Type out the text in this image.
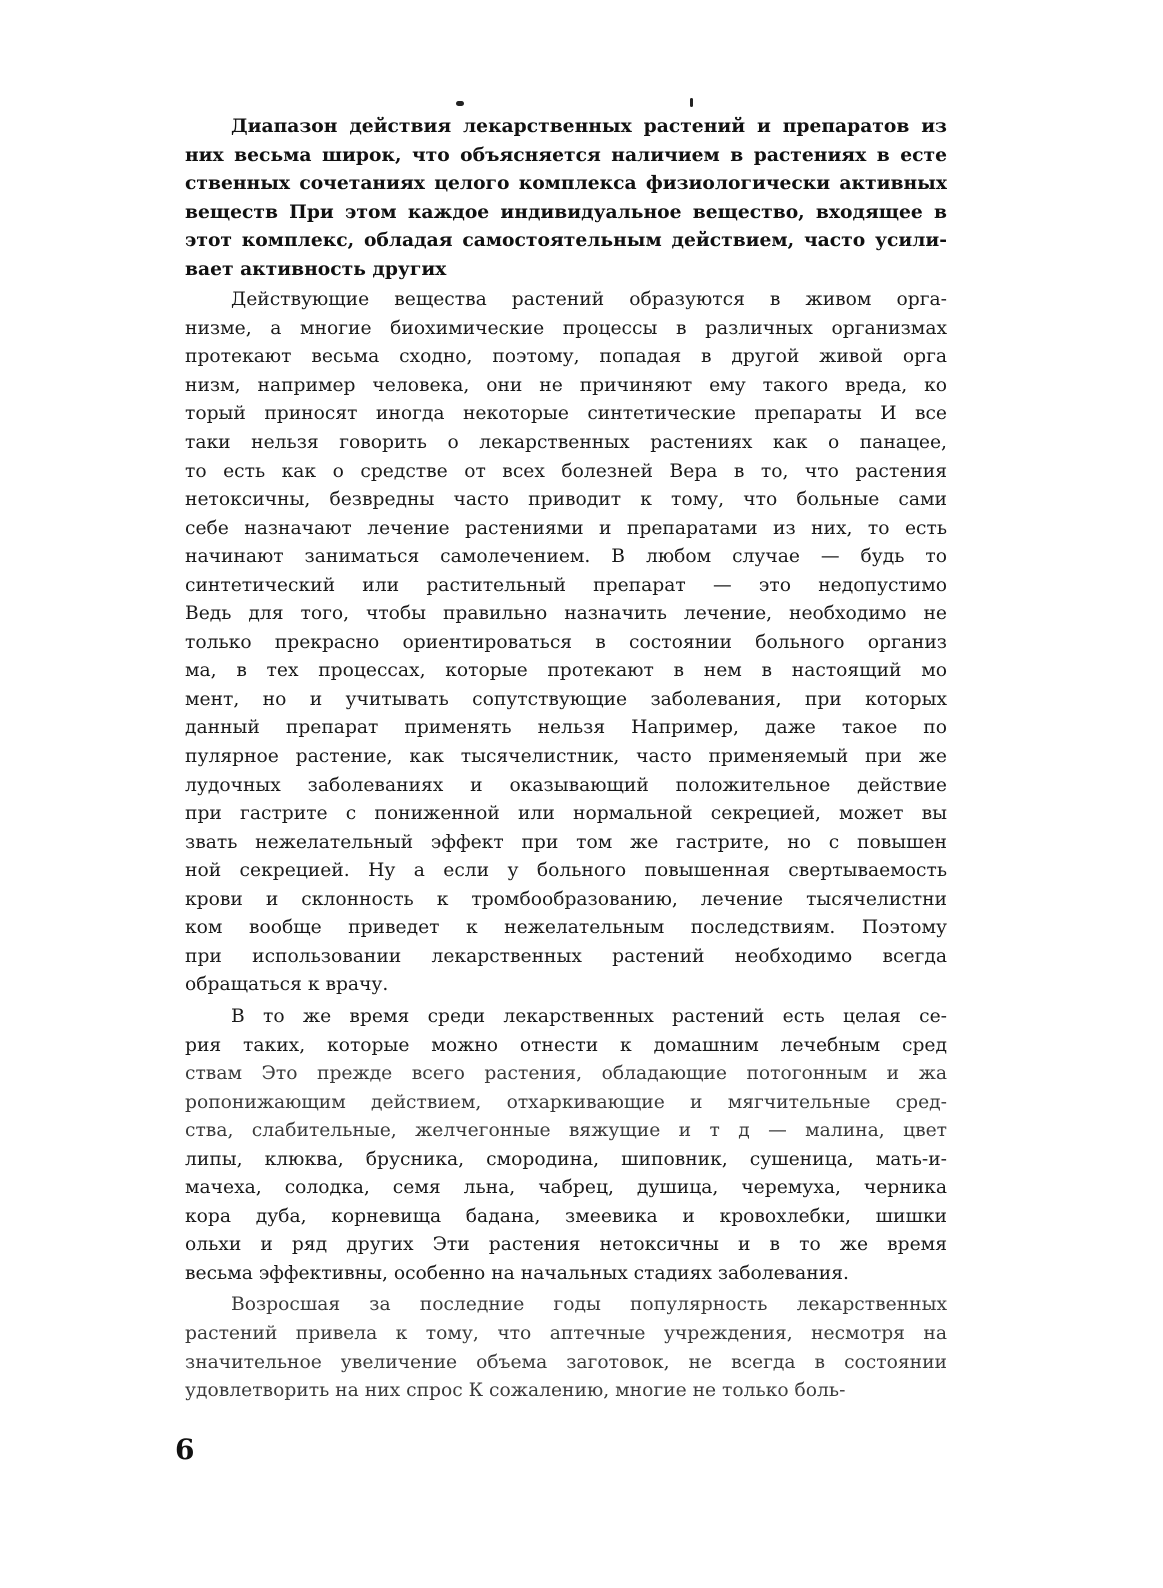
Диапазон действия лекарственных растений и препаратов из
них весьма широк, что объясняется наличием в растениях в есте
ственных сочетаниях целого комплекса физиологически активных
веществ При этом каждое индивидуальное вещество, входящее в
этот комплекс, обладая самостоятельным действием, часто усили-
вает активность других
Действующие вещества растений образуются в живом орга-
низме, а многие биохимические процессы в различных организмах
протекают весьма сходно, поэтому, попадая в другой живой орга
низм, например человека, они не причиняют ему такого вреда, ко
торый приносят иногда некоторые синтетические препараты И все
таки нельзя говорить о лекарственных растениях как о панацее,
то есть как о средстве от всех болезней Вера в то, что растения
нетоксичны, безвредны часто приводит к тому, что больные сами
себе назначают лечение растениями и препаратами из них, то есть
начинают заниматься самолечением. В любом случае — будь то
синтетический или растительный препарат — это недопустимо
Ведь для того, чтобы правильно назначить лечение, необходимо не
только прекрасно ориентироваться в состоянии больного организ
ма, в тех процессах, которые протекают в нем в настоящий мо
мент, но и учитывать сопутствующие заболевания, при которых
данный препарат применять нельзя Например, даже такое по
пулярное растение, как тысячелистник, часто применяемый при же
лудочных заболеваниях и оказывающий положительное действие
при гастрите с пониженной или нормальной секрецией, может вы
звать нежелательный эффект при том же гастрите, но с повышен
ной секрецией. Ну а если у больного повышенная свертываемость
крови и склонность к тромбообразованию, лечение тысячелистни
ком вообще приведет к нежелательным последствиям. Поэтому
при использовании лекарственных растений необходимо всегда
обращаться к врачу.
В то же время среди лекарственных растений есть целая се-
рия таких, которые можно отнести к домашним лечебным сред
ствам Это прежде всего растения, обладающие потогонным и жа
ропонижающим действием, отхаркивающие и мягчительные сред-
ства, слабительные, желчегонные вяжущие и т д — малина, цвет
липы, клюква, брусника, смородина, шиповник, сушеница, мать-и-
мачеха, солодка, семя льна, чабрец, душица, черемуха, черника
кора дуба, корневища бадана, змеевика и кровохлебки, шишки
ольхи и ряд других Эти растения нетоксичны и в то же время
весьма эффективны, особенно на начальных стадиях заболевания.
Возросшая за последние годы популярность лекарственных
растений привела к тому, что аптечные учреждения, несмотря на
значительное увеличение объема заготовок, не всегда в состоянии
удовлетворить на них спрос К сожалению, многие не только боль-
6
